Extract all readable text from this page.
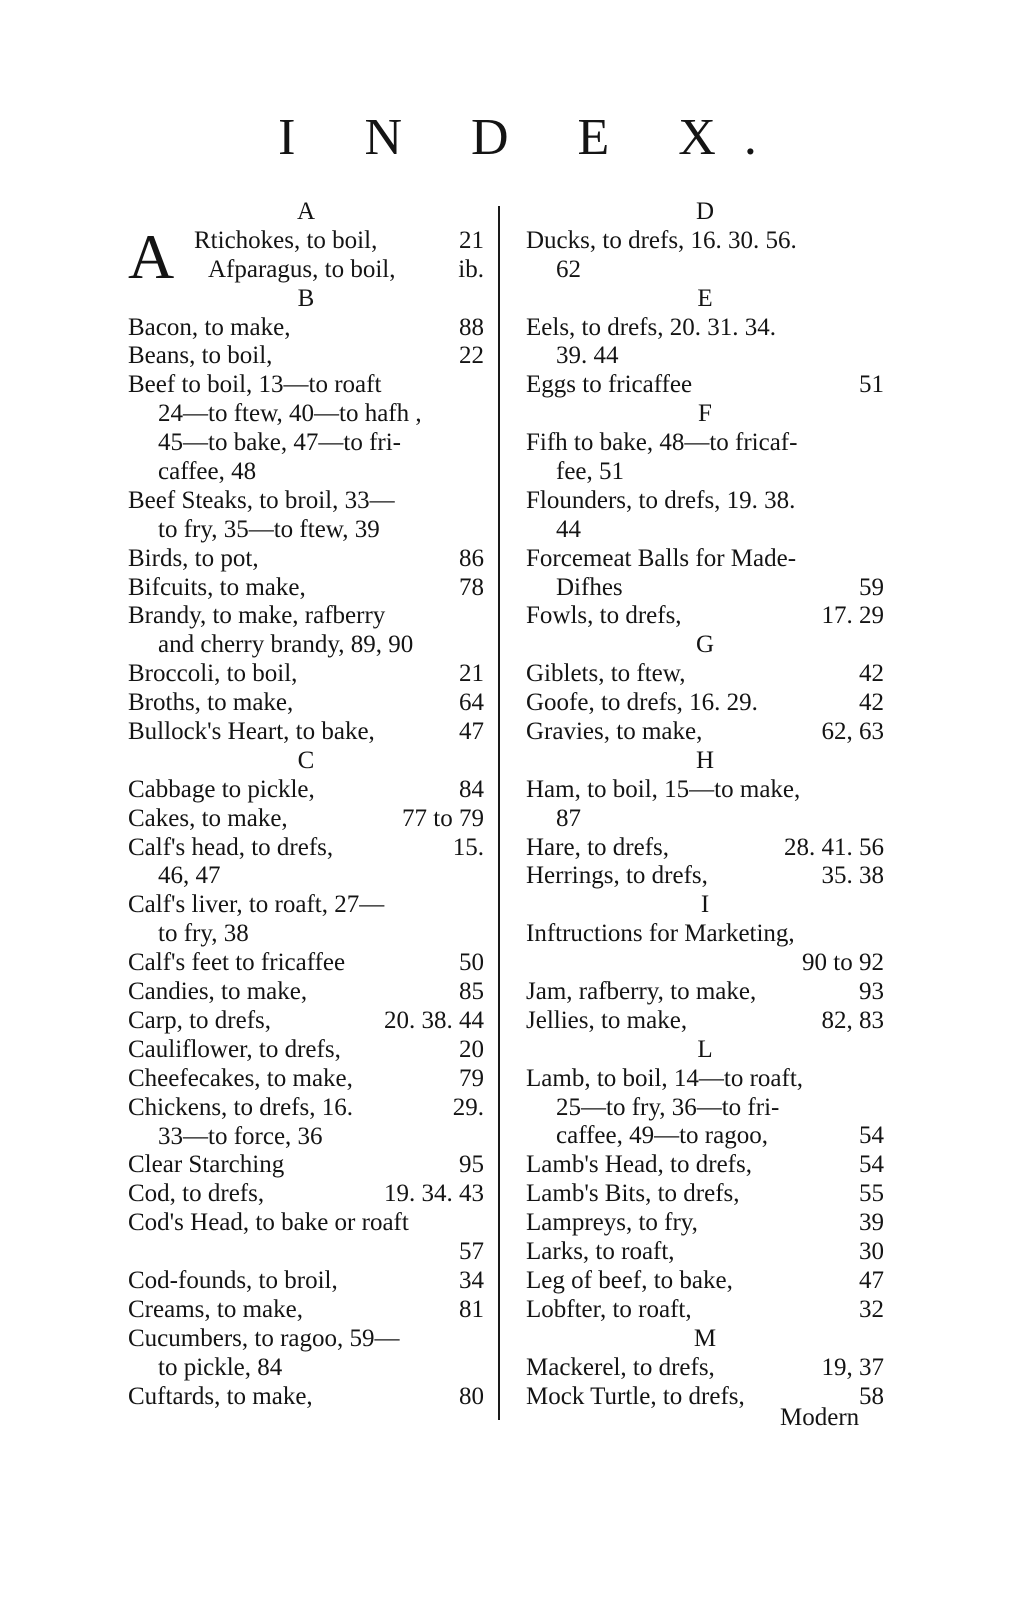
I N D E X.
A
A Rtichokes, to boil,	21
Afparagus, to boil,	ib.
B
Bacon, to make,	88
Beans, to boil,	22
Beef to boil, 13—to roaft
24—to ftew, 40—to hafh ,
45—to bake, 47—to fri-
caffee, 48
Beef Steaks, to broil, 33—
to fry, 35—to ftew, 39
Birds, to pot,	86
Bifcuits, to make,	78
Brandy, to make, rafberry
and cherry brandy, 89, 90
Broccoli, to boil,	21
Broths, to make,	64
Bullock's Heart, to bake,	47
C
Cabbage to pickle,	84
Cakes, to make,	77 to 79
Calf's head, to drefs,	15.
46, 47
Calf's liver, to roaft, 27—
to fry, 38
Calf's feet to fricaffee	50
Candies, to make,	85
Carp, to drefs,	20. 38. 44
Cauliflower, to drefs,	20
Cheefecakes, to make,	79
Chickens, to drefs, 16.	29.
33—to force, 36
Clear Starching	95
Cod, to drefs,	19. 34. 43
Cod's Head, to bake or roaft
57
Cod-founds, to broil,	34
Creams, to make,	81
Cucumbers, to ragoo, 59—
to pickle, 84
Cuftards, to make,	80
D
Ducks, to drefs, 16. 30. 56.
62
E
Eels, to drefs, 20. 31. 34.
39. 44
Eggs to fricaffee	51
F
Fifh to bake, 48—to fricaf-
fee, 51
Flounders, to drefs, 19. 38.
44
Forcemeat Balls for Made-
Difhes	59
Fowls, to drefs,	17. 29
G
Giblets, to ftew,	42
Goofe, to drefs, 16. 29.	42
Gravies, to make,	62, 63
H
Ham, to boil, 15—to make,
87
Hare, to drefs,	28. 41. 56
Herrings, to drefs,	35. 38
I
Inftructions for Marketing,
90 to 92
Jam, rafberry, to make,	93
Jellies, to make,	82, 83
L
Lamb, to boil, 14—to roaft,
25—to fry, 36—to fri-
caffee, 49—to ragoo,	54
Lamb's Head, to drefs,	54
Lamb's Bits, to drefs,	55
Lampreys, to fry,	39
Larks, to roaft,	30
Leg of beef, to bake,	47
Lobfter, to roaft,	32
M
Mackerel, to drefs,	19, 37
Mock Turtle, to drefs,	58
Modern
